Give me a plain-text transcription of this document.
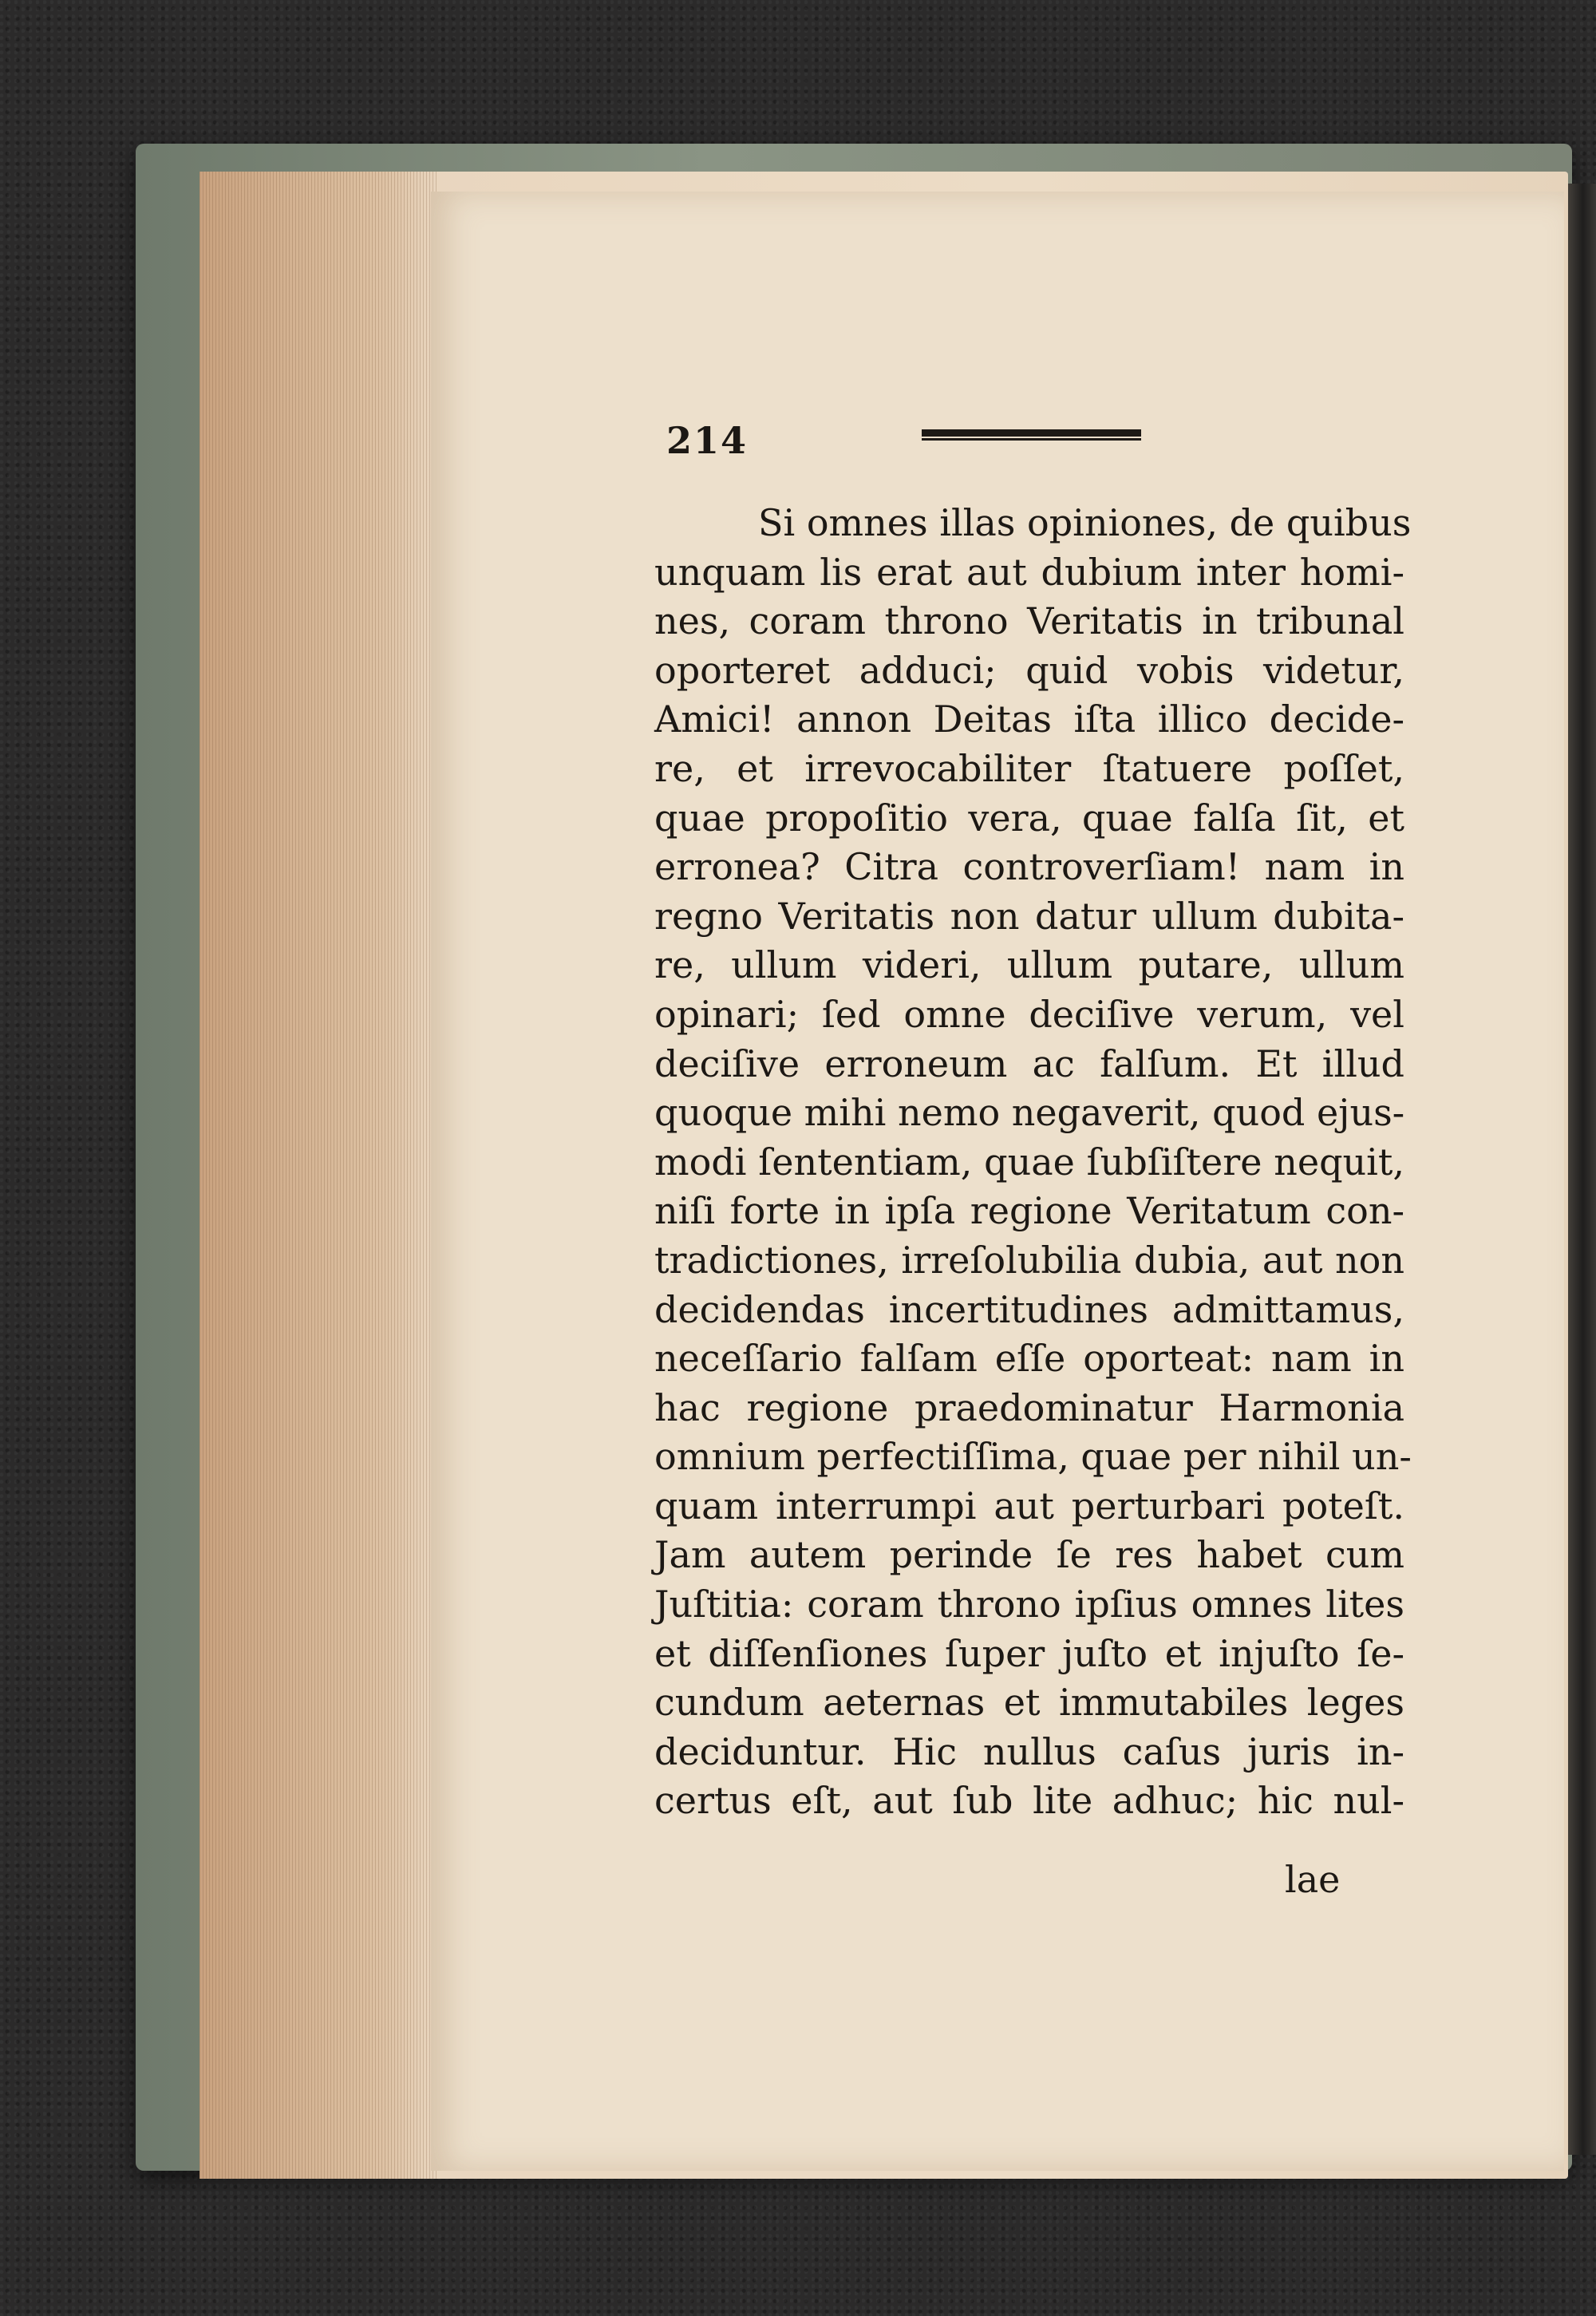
214
Si omnes illas opiniones, de quibus
unquam lis erat aut dubium inter homi-
nes, coram throno Veritatis in tribunal
oporteret adduci; quid vobis videtur,
Amici! annon Deitas iſta illico decide-
re, et irrevocabiliter ſtatuere poſſet,
quae propoſitio vera, quae falſa ſit, et
erronea? Citra controverſiam! nam in
regno Veritatis non datur ullum dubita-
re, ullum videri, ullum putare, ullum
opinari; ſed omne deciſive verum, vel
deciſive erroneum ac falſum. Et illud
quoque mihi nemo negaverit, quod ejus-
modi ſententiam, quae ſubſiſtere nequit,
niſi forte in ipſa regione Veritatum con-
tradictiones, irreſolubilia dubia, aut non
decidendas incertitudines admittamus,
neceſſario falſam eſſe oporteat: nam in
hac regione praedominatur Harmonia
omnium perfectiſſima, quae per nihil un-
quam interrumpi aut perturbari poteſt.
Jam autem perinde ſe res habet cum
Juſtitia: coram throno ipſius omnes lites
et diſſenſiones ſuper juſto et injuſto ſe-
cundum aeternas et immutabiles leges
deciduntur. Hic nullus caſus juris in-
certus eſt, aut ſub lite adhuc; hic nul-
lae
